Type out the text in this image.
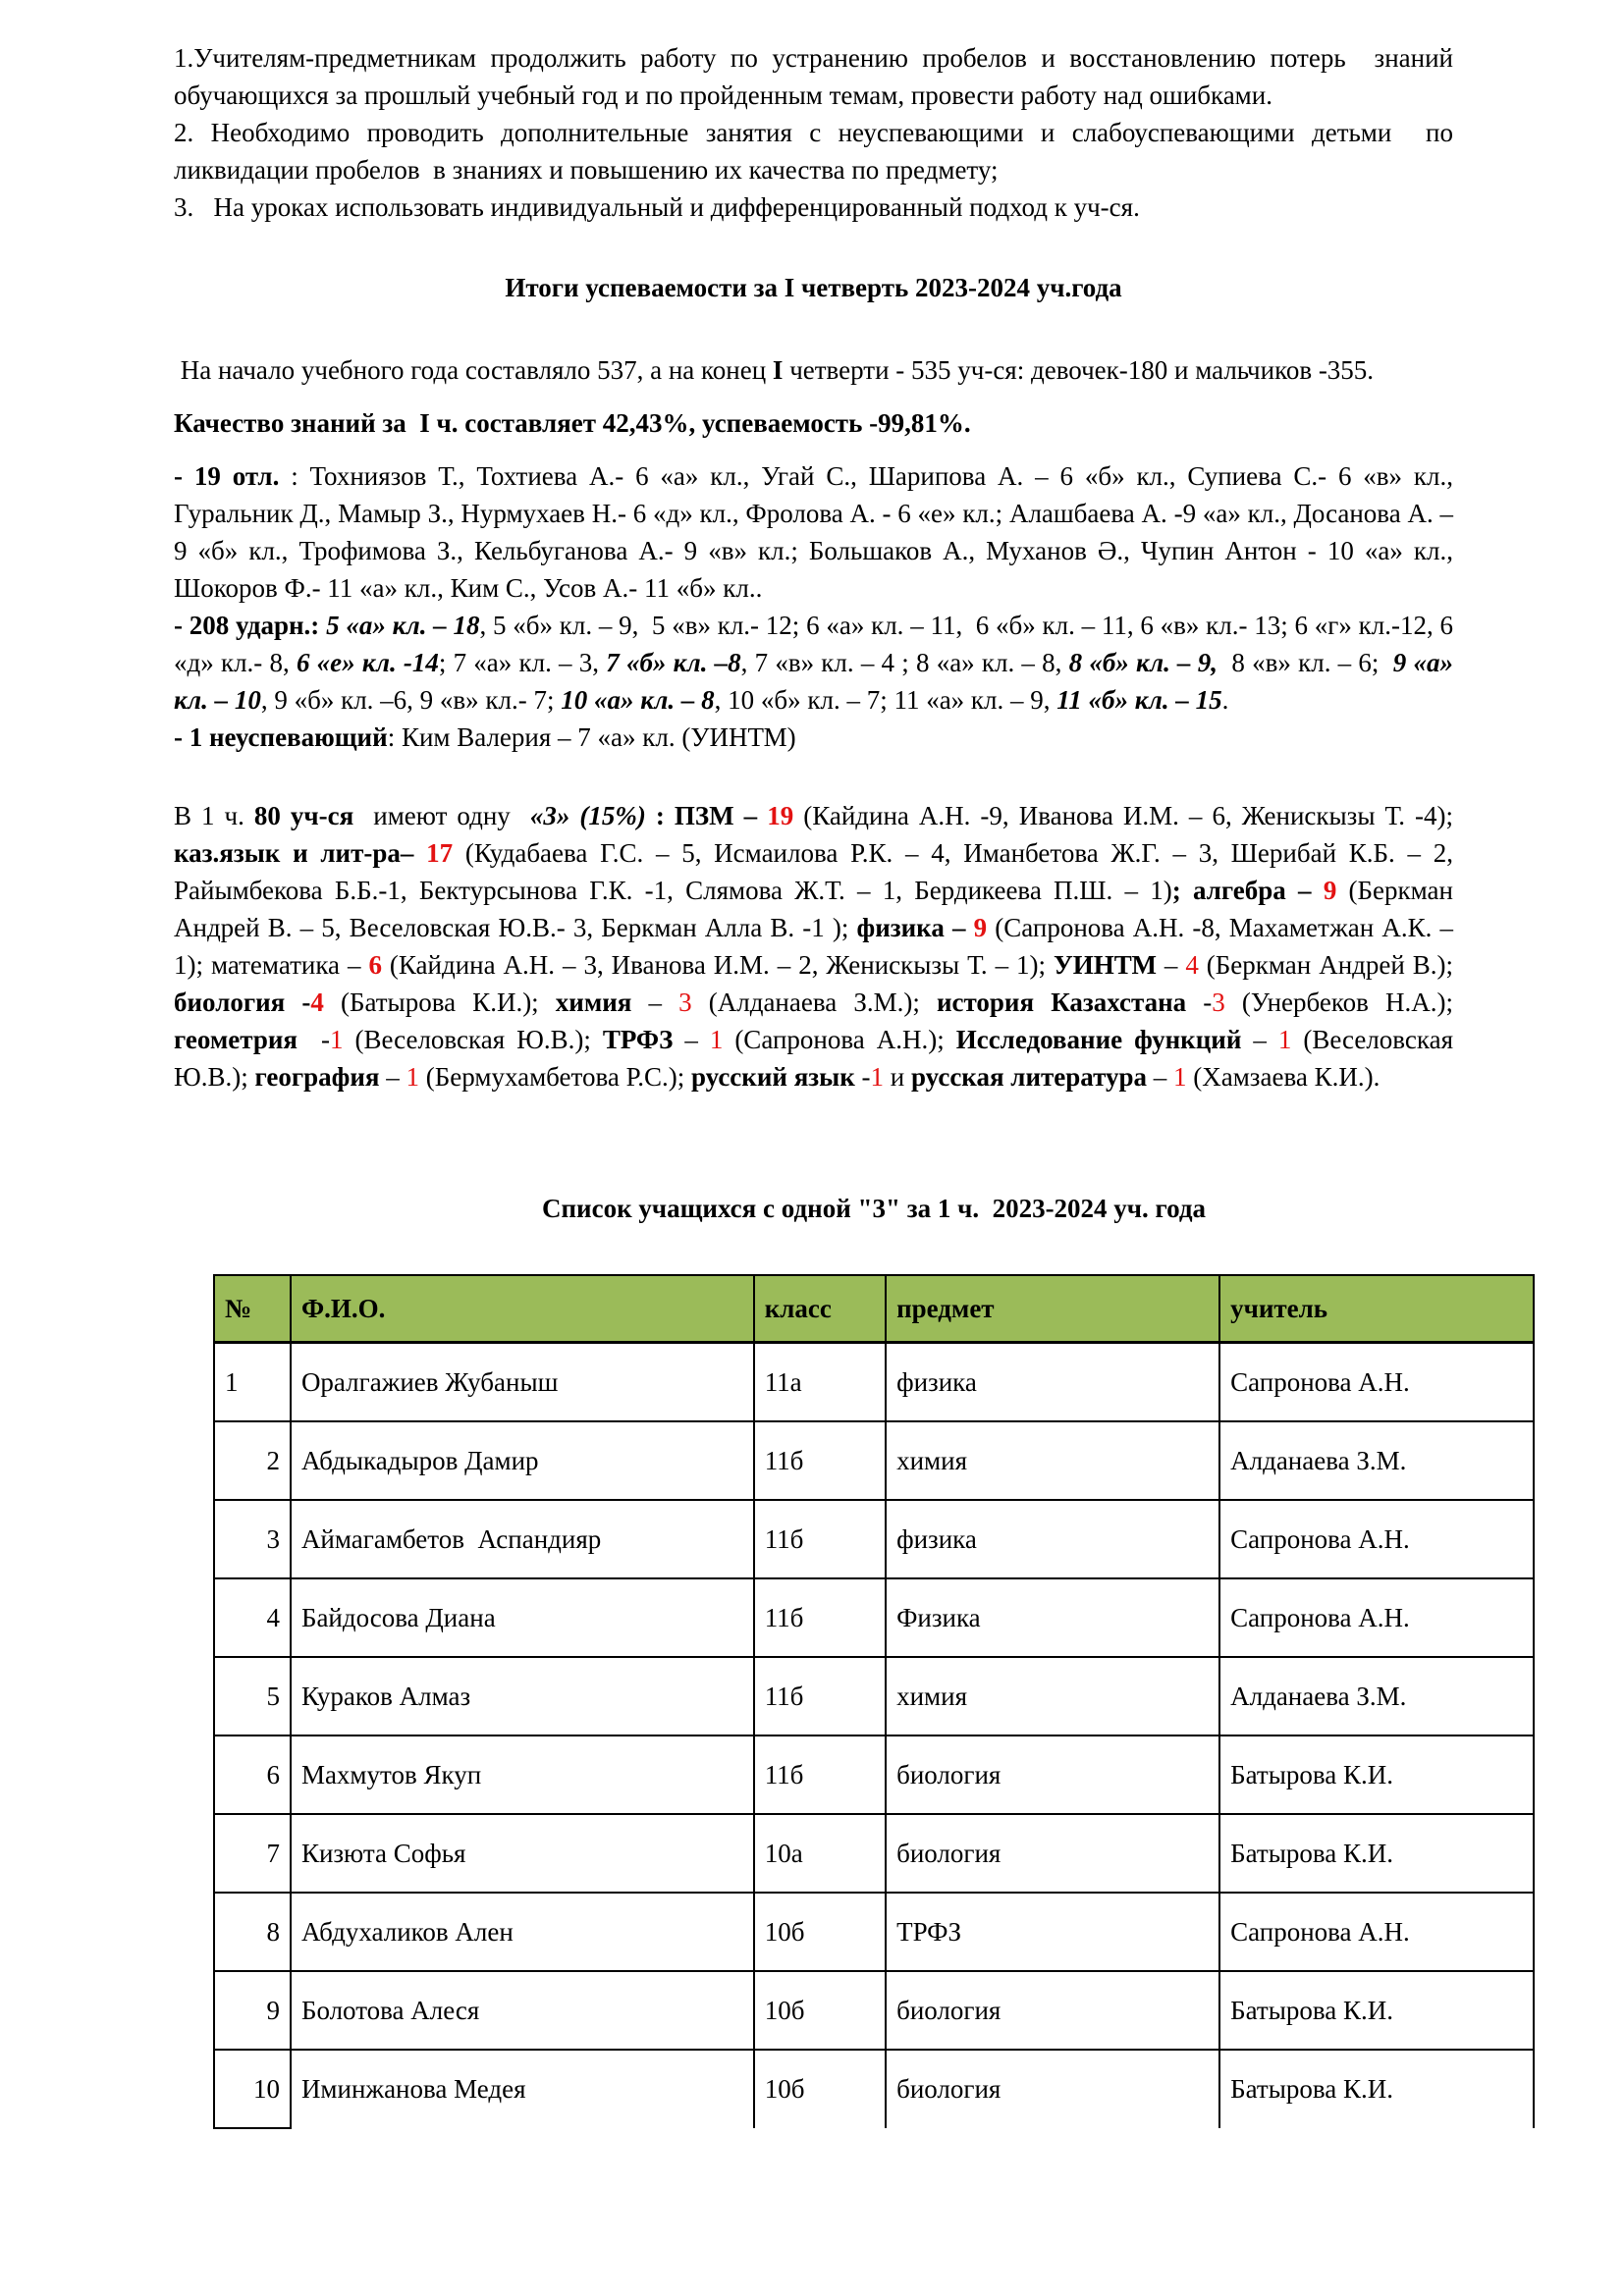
1.Учителям-предметникам продолжить работу по устранению пробелов и восстановлению потерь  знаний обучающихся за прошлый учебный год и по пройденным темам, провести работу над ошибками.

2. Необходимо проводить дополнительные занятия с неуспевающими и слабоуспевающими детьми  по ликвидации пробелов  в знаниях и повышению их качества по предмету;

3.   На уроках использовать индивидуальный и дифференцированный подход к уч-ся.

Итоги успеваемости за I четверть 2023-2024 уч.года

На начало учебного года составляло 537, а на конец I четверти - 535 уч-ся: девочек-180 и мальчиков -355.

Качество знаний за  I ч. составляет 42,43%, успеваемость -99,81%.

- 19 отл. : Тохниязов Т., Тохтиева А.- 6 «а» кл., Угай С., Шарипова А. – 6 «б» кл., Супиева С.- 6 «в» кл., Гуральник Д., Мамыр З., Нурмухаев Н.- 6 «д» кл., Фролова А. - 6 «е» кл.; Алашбаева А. -9 «а» кл., Досанова А. – 9 «б» кл., Трофимова З., Кельбуганова А.- 9 «в» кл.; Большаков А., Муханов Ә., Чупин Антон - 10 «а» кл., Шокоров Ф.- 11 «а» кл., Ким С., Усов А.- 11 «б» кл..

- 208 ударн.: 5 «а» кл. – 18, 5 «б» кл. – 9,  5 «в» кл.- 12; 6 «а» кл. – 11,  6 «б» кл. – 11, 6 «в» кл.- 13; 6 «г» кл.-12, 6 «д» кл.- 8, 6 «е» кл. -14; 7 «а» кл. – 3, 7 «б» кл. –8, 7 «в» кл. – 4 ; 8 «а» кл. – 8, 8 «б» кл. – 9,  8 «в» кл. – 6;  9 «а» кл. – 10, 9 «б» кл. –6, 9 «в» кл.- 7; 10 «а» кл. – 8, 10 «б» кл. – 7; 11 «а» кл. – 9, 11 «б» кл. – 15.

- 1 неуспевающий: Ким Валерия – 7 «а» кл. (УИНТМ)

В 1 ч. 80 уч-ся  имеют одну  «3» (15%) : ПЗМ – 19 (Кайдина А.Н. -9, Иванова И.М. – 6, Женискызы Т. -4); каз.язык и лит-ра– 17 (Кудабаева Г.С. – 5, Исмаилова Р.К. – 4, Иманбетова Ж.Г. – 3, Шерибай К.Б. – 2, Райымбекова Б.Б.-1, Бектурсынова Г.К. -1, Слямова Ж.Т. – 1, Бердикеева П.Ш. – 1); алгебра – 9 (Беркман Андрей В. – 5, Веселовская Ю.В.- 3, Беркман Алла В. -1 ); физика – 9 (Сапронова А.Н. -8, Махаметжан А.К. – 1); математика – 6 (Кайдина А.Н. – 3, Иванова И.М. – 2, Женискызы Т. – 1); УИНТМ – 4 (Беркман Андрей В.); биология -4 (Батырова К.И.); химия – 3 (Алданаева З.М.); история Казахстана -3 (Унербеков Н.А.);  геометрия  -1 (Веселовская Ю.В.); ТРФЗ – 1 (Сапронова А.Н.); Исследование функций – 1 (Веселовская Ю.В.); география – 1 (Бермухамбетова Р.С.); русский язык -1 и русская литература – 1 (Хамзаева К.И.).

Список учащихся с одной "3" за 1 ч.  2023-2024 уч. года
№	Ф.И.О.	класс	предмет	учитель
1	Оралгажиев Жубаныш	11а	физика	Сапронова А.Н.
2	Абдыкадыров Дамир	11б	химия	Алданаева З.М.
3	Аймагамбетов  Аспандияр	11б	физика	Сапронова А.Н.
4	Байдосова Диана	11б	Физика	Сапронова А.Н.
5	Кураков Алмаз	11б	химия	Алданаева З.М.
6	Махмутов Якуп	11б	биология	Батырова К.И.
7	Кизюта Софья	10а	биология	Батырова К.И.
8	Абдухаликов Ален	10б	ТРФЗ	Сапронова А.Н.
9	Болотова Алеся	10б	биология	Батырова К.И.
10	Иминжанова Медея	10б	биология	Батырова К.И.
